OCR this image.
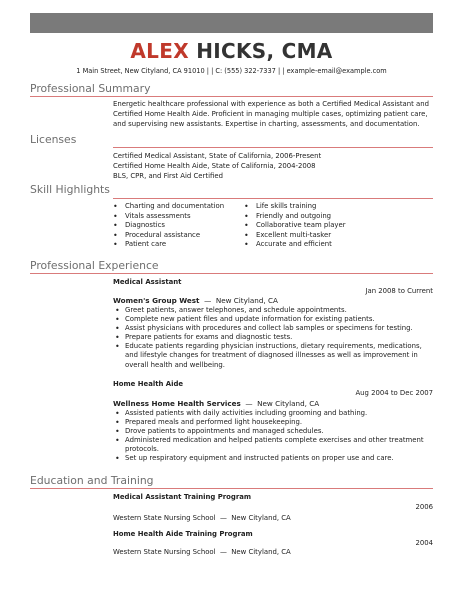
ALEX HICKS, CMA
1 Main Street, New Cityland, CA 91010 | | C: (555) 322-7337 | | example-email@example.com
Professional Summary

Energetic healthcare professional with experience as both a Certified Medical Assistant and Certified Home Health Aide. Proficient in managing multiple cases, optimizing patient care, and supervising new assistants. Expertise in charting, assessments, and documentation.

Licenses

Certified Medical Assistant, State of California, 2006-Present

Certified Home Health Aide, State of California, 2004-2008

BLS, CPR, and First Aid Certified

Skill Highlights
• Charting and documentation
• Vitals assessments
• Diagnostics
• Procedural assistance
• Patient care
• Life skills training
• Friendly and outgoing
• Collaborative team player
• Excellent multi-tasker
• Accurate and efficient
Professional Experience
Medical Assistant
Jan 2008 to Current
Women's Group West — New Cityland, CA
• Greet patients, answer telephones, and schedule appointments.
• Complete new patient files and update information for existing patients.
• Assist physicians with procedures and collect lab samples or specimens for testing.
• Prepare patients for exams and diagnostic tests.
• Educate patients regarding physician instructions, dietary requirements, medications, and lifestyle changes for treatment of diagnosed illnesses as well as improvement in overall health and wellbeing.
Home Health Aide
Aug 2004 to Dec 2007
Wellness Home Health Services — New Cityland, CA
• Assisted patients with daily activities including grooming and bathing.
• Prepared meals and performed light housekeeping.
• Drove patients to appointments and managed schedules.
• Administered medication and helped patients complete exercises and other treatment protocols.
• Set up respiratory equipment and instructed patients on proper use and care.
Education and Training
Medical Assistant Training Program
2006
Western State Nursing School — New Cityland, CA
Home Health Aide Training Program
2004
Western State Nursing School — New Cityland, CA
